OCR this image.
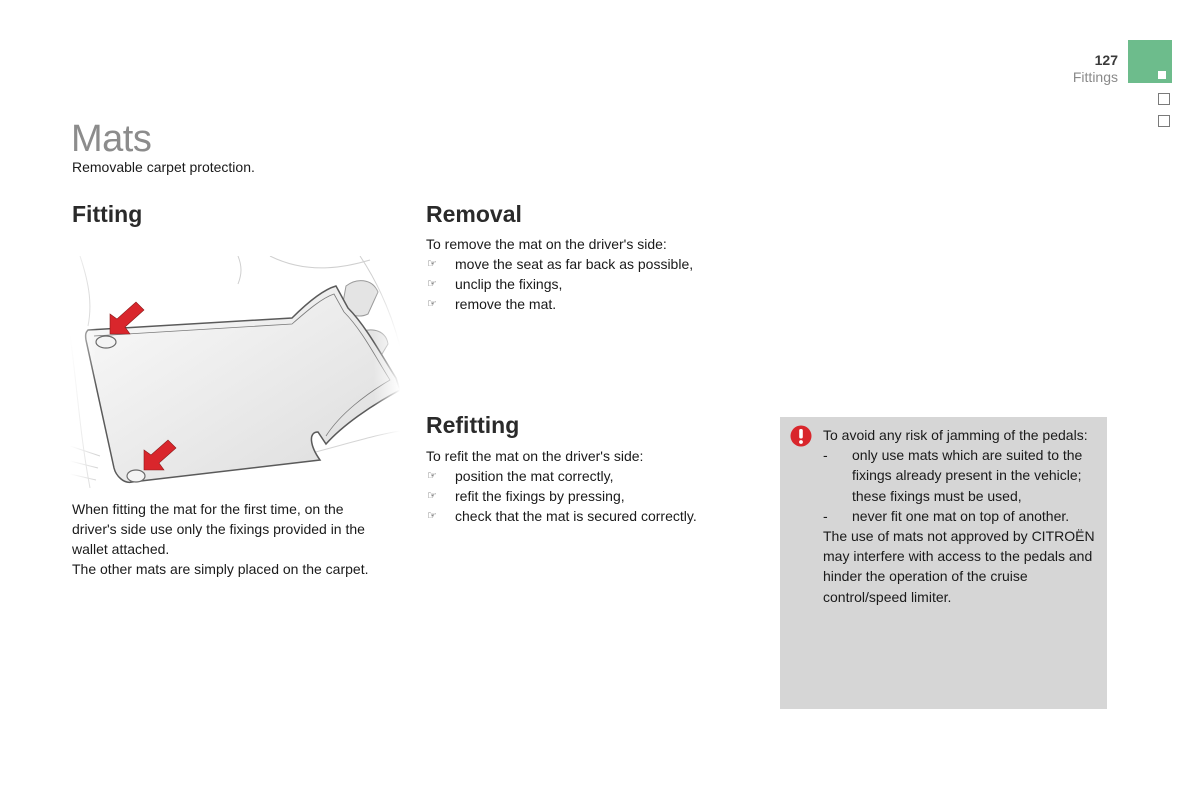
127
Fittings
Mats
Removable carpet protection.
Fitting	Removal
Refitting
When fitting the mat for the first time, on the
driver's side use only the fixings provided in the
wallet attached.
The other mats are simply placed on the carpet.
To remove the mat on the driver's side:
☞	move the seat as far back as possible,
☞	unclip the fixings,
☞	remove the mat.
To refit the mat on the driver's side:
☞	position the mat correctly,
☞	refit the fixings by pressing,
☞	check that the mat is secured correctly.
To avoid any risk of jamming of the pedals:
-	only use mats which are suited to the fixings already present in the vehicle; these fixings must be used,
-	never fit one mat on top of another.
The use of mats not approved by CITROËN may interfere with access to the pedals and hinder the operation of the cruise control/speed limiter.
